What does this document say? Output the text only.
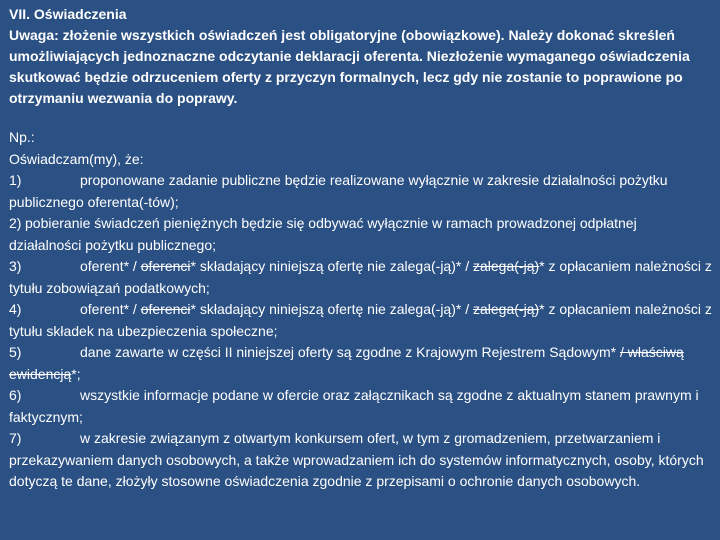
VII. Oświadczenia
Uwaga: złożenie wszystkich oświadczeń jest obligatoryjne (obowiązkowe). Należy dokonać skreśleń umożliwiających jednoznaczne odczytanie deklaracji oferenta. Niezłożenie wymaganego oświadczenia skutkować będzie odrzuceniem oferty z przyczyn formalnych, lecz gdy nie zostanie to poprawione po otrzymaniu wezwania do poprawy.

Np.:
Oświadczam(my), że:
1)	proponowane zadanie publiczne będzie realizowane wyłącznie w zakresie działalności pożytku publicznego oferenta(-tów);
2) pobieranie świadczeń pieniężnych będzie się odbywać wyłącznie w ramach prowadzonej odpłatnej działalności pożytku publicznego;
3)	oferent* / oferenci* składający niniejszą ofertę nie zalega(-ją)* / zalega(-ją)* z opłacaniem należności z tytułu zobowiązań podatkowych;
4)	oferent* / oferenci* składający niniejszą ofertę nie zalega(-ją)* / zalega(-ją)* z opłacaniem należności z tytułu składek na ubezpieczenia społeczne;
5)	dane zawarte w części II niniejszej oferty są zgodne z Krajowym Rejestrem Sądowym* / właściwą ewidencją*;
6)	wszystkie informacje podane w ofercie oraz załącznikach są zgodne z aktualnym stanem prawnym i faktycznym;
7)	w zakresie związanym z otwartym konkursem ofert, w tym z gromadzeniem, przetwarzaniem i przekazywaniem danych osobowych, a także wprowadzaniem ich do systemów informatycznych, osoby, których dotyczą te dane, złożyły stosowne oświadczenia zgodnie z przepisami o ochronie danych osobowych.
